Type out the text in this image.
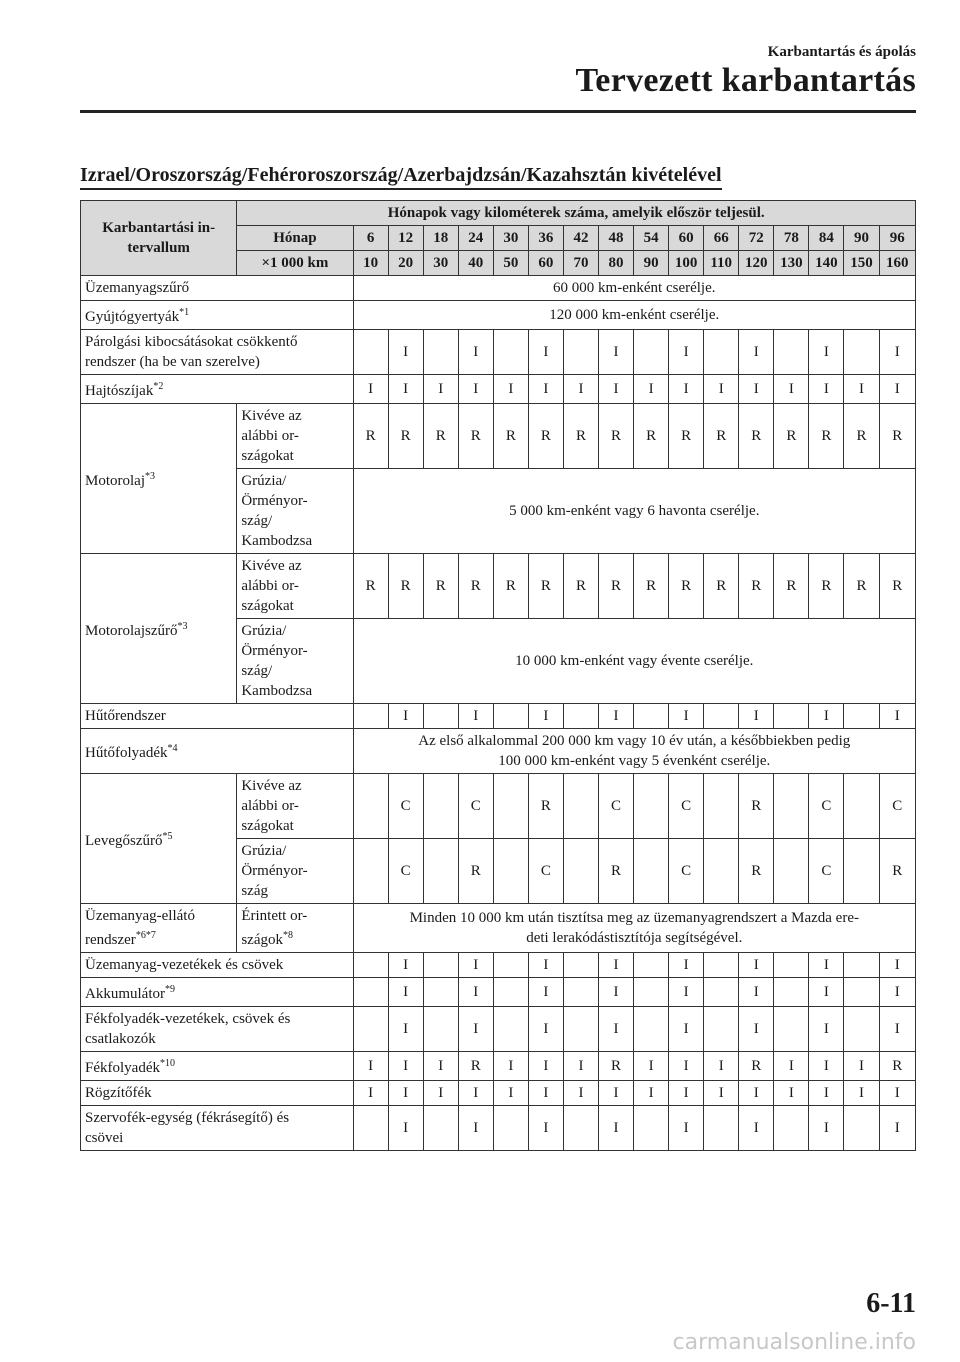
Karbantartás és ápolás
Tervezett karbantartás
Izrael/Oroszország/Fehéroroszország/Azerbajdzsán/Kazahsztán kivételével
Karbantartási in-
tervallum	Hónapok vagy kilométerek száma, amelyik először teljesül.																
	Hónap	6	12	18	24	30	36	42	48	54	60	66	72	78	84	90	96
	×1 000 km	10	20	30	40	50	60	70	80	90	100	110	120	130	140	150	160
Üzemanyagszűrő		60 000 km-enként cserélje.															
Gyújtógyertyák$^{*1}$		120 000 km-enként cserélje.															
Párolgási kibocsátásokat csökkentő
rendszer (ha be van szerelve)			I		I		I		I		I		I		I		I
Hajtószíjak$^{*2}$		I	I	I	I	I	I	I	I	I	I	I	I	I	I	I	I
Motorolaj$^{*3}$	Kivéve az
alábbi or-
szágokat	R	R	R	R	R	R	R	R	R	R	R	R	R	R	R	R
	Grúzia/
Örményor-
szág/
Kambodzsa	5 000 km-enként vagy 6 havonta cserélje.															
Motorolajszűrő$^{*3}$	Kivéve az
alábbi or-
szágokat	R	R	R	R	R	R	R	R	R	R	R	R	R	R	R	R
	Grúzia/
Örményor-
szág/
Kambodzsa	10 000 km-enként vagy évente cserélje.															
Hűtőrendszer			I		I		I		I		I		I		I		I
Hűtőfolyadék$^{*4}$		Az első alkalommal 200 000 km vagy 10 év után, a későbbiekben pedig
100 000 km-enként vagy 5 évenként cserélje.															
Levegőszűrő$^{*5}$	Kivéve az
alábbi or-
szágokat		C		C		R		C		C		R		C		C
	Grúzia/
Örményor-
szág		C		R		C		R		C		R		C		R
Üzemanyag-ellátó
rendszer$^{*6*7}$	Érintett or-
szágok$^{*8}$	Minden 10 000 km után tisztítsa meg az üzemanyagrendszert a Mazda ere-
deti lerakódástisztítója segítségével.															
Üzemanyag-vezetékek és csövek			I		I		I		I		I		I		I		I
Akkumulátor$^{*9}$			I		I		I		I		I		I		I		I
Fékfolyadék-vezetékek, csövek és
csatlakozók			I		I		I		I		I		I		I		I
Fékfolyadék$^{*10}$		I	I	I	R	I	I	I	R	I	I	I	R	I	I	I	R
Rögzítőfék		I	I	I	I	I	I	I	I	I	I	I	I	I	I	I	I
Szervofék-egység (fékrásegítő) és
csövei			I		I		I		I		I		I		I		I
6-11
carmanualsonline.info
